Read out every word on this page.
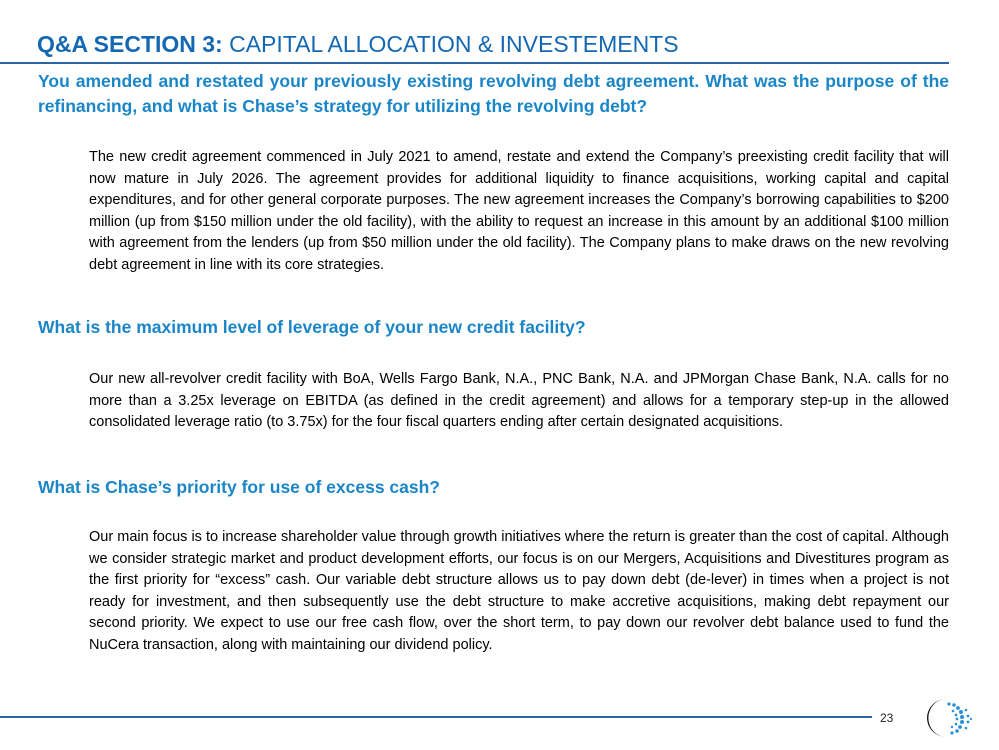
Q&A SECTION 3: CAPITAL ALLOCATION & INVESTEMENTS

You amended and restated your previously existing revolving debt agreement. What was the purpose of the refinancing, and what is Chase’s strategy for utilizing the revolving debt?

The new credit agreement commenced in July 2021 to amend, restate and extend the Company’s preexisting credit facility that will now mature in July 2026. The agreement provides for additional liquidity to finance acquisitions, working capital and capital expenditures, and for other general corporate purposes. The new agreement increases the Company’s borrowing capabilities to $200 million (up from $150 million under the old facility), with the ability to request an increase in this amount by an additional $100 million with agreement from the lenders (up from $50 million under the old facility). The Company plans to make draws on the new revolving debt agreement in line with its core strategies.

What is the maximum level of leverage of your new credit facility?

Our new all-revolver credit facility with BoA, Wells Fargo Bank, N.A., PNC Bank, N.A. and JPMorgan Chase Bank, N.A. calls for no more than a 3.25x leverage on EBITDA (as defined in the credit agreement) and allows for a temporary step-up in the allowed consolidated leverage ratio (to 3.75x) for the four fiscal quarters ending after certain designated acquisitions.

What is Chase’s priority for use of excess cash?

Our main focus is to increase shareholder value through growth initiatives where the return is greater than the cost of capital. Although we consider strategic market and product development efforts, our focus is on our Mergers, Acquisitions and Divestitures program as the first priority for “excess” cash. Our variable debt structure allows us to pay down debt (de-lever) in times when a project is not ready for investment, and then subsequently use the debt structure to make accretive acquisitions, making debt repayment our second priority. We expect to use our free cash flow, over the short term, to pay down our revolver debt balance used to fund the NuCera transaction, along with maintaining our dividend policy.

23
